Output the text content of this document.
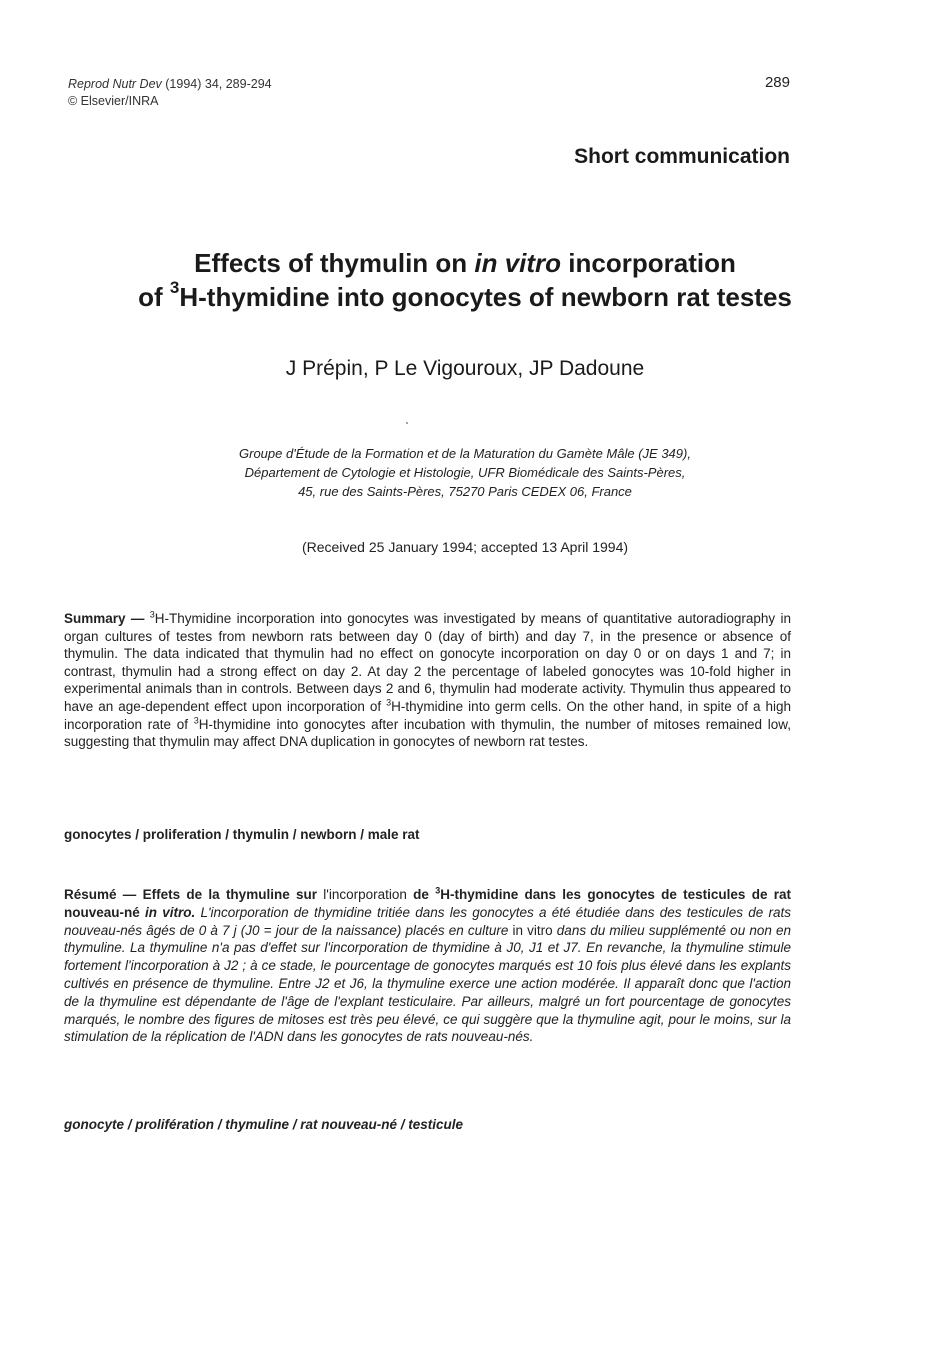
Reprod Nutr Dev (1994) 34, 289-294
© Elsevier/INRA
289
Short communication
Effects of thymulin on in vitro incorporation
of $^3$H-thymidine into gonocytes of newborn rat testes
J Prépin, P Le Vigouroux, JP Dadoune
Groupe d'Étude de la Formation et de la Maturation du Gamète Mâle (JE 349),
Département de Cytologie et Histologie, UFR Biomédicale des Saints-Pères,
45, rue des Saints-Pères, 75270 Paris CEDEX 06, France
(Received 25 January 1994; accepted 13 April 1994)
Summary — $^3$H-Thymidine incorporation into gonocytes was investigated by means of quantitative autoradiography in organ cultures of testes from newborn rats between day 0 (day of birth) and day 7, in the presence or absence of thymulin. The data indicated that thymulin had no effect on gonocyte incorporation on day 0 or on days 1 and 7; in contrast, thymulin had a strong effect on day 2. At day 2 the percentage of labeled gonocytes was 10-fold higher in experimental animals than in controls. Between days 2 and 6, thymulin had moderate activity. Thymulin thus appeared to have an age-dependent effect upon incorporation of $^3$H-thymidine into germ cells. On the other hand, in spite of a high incorporation rate of $^3$H-thymidine into gonocytes after incubation with thymulin, the number of mitoses remained low, suggesting that thymulin may affect DNA duplication in gonocytes of newborn rat testes.
gonocytes / proliferation / thymulin / newborn / male rat
Résumé — Effets de la thymuline sur l'incorporation de $^3$H-thymidine dans les gonocytes de testicules de rat nouveau-né in vitro. L'incorporation de thymidine tritiée dans les gonocytes a été étudiée dans des testicules de rats nouveau-nés âgés de 0 à 7 j (J0 = jour de la naissance) placés en culture in vitro dans du milieu supplémenté ou non en thymuline. La thymuline n'a pas d'effet sur l'incorporation de thymidine à J0, J1 et J7. En revanche, la thymuline stimule fortement l'incorporation à J2 ; à ce stade, le pourcentage de gonocytes marqués est 10 fois plus élevé dans les explants cultivés en présence de thymuline. Entre J2 et J6, la thymuline exerce une action modérée. Il apparaît donc que l'action de la thymuline est dépendante de l'âge de l'explant testiculaire. Par ailleurs, malgré un fort pourcentage de gonocytes marqués, le nombre des figures de mitoses est très peu élevé, ce qui suggère que la thymuline agit, pour le moins, sur la stimulation de la réplication de l'ADN dans les gonocytes de rats nouveau-nés.
gonocyte / prolifération / thymuline / rat nouveau-né / testicule
